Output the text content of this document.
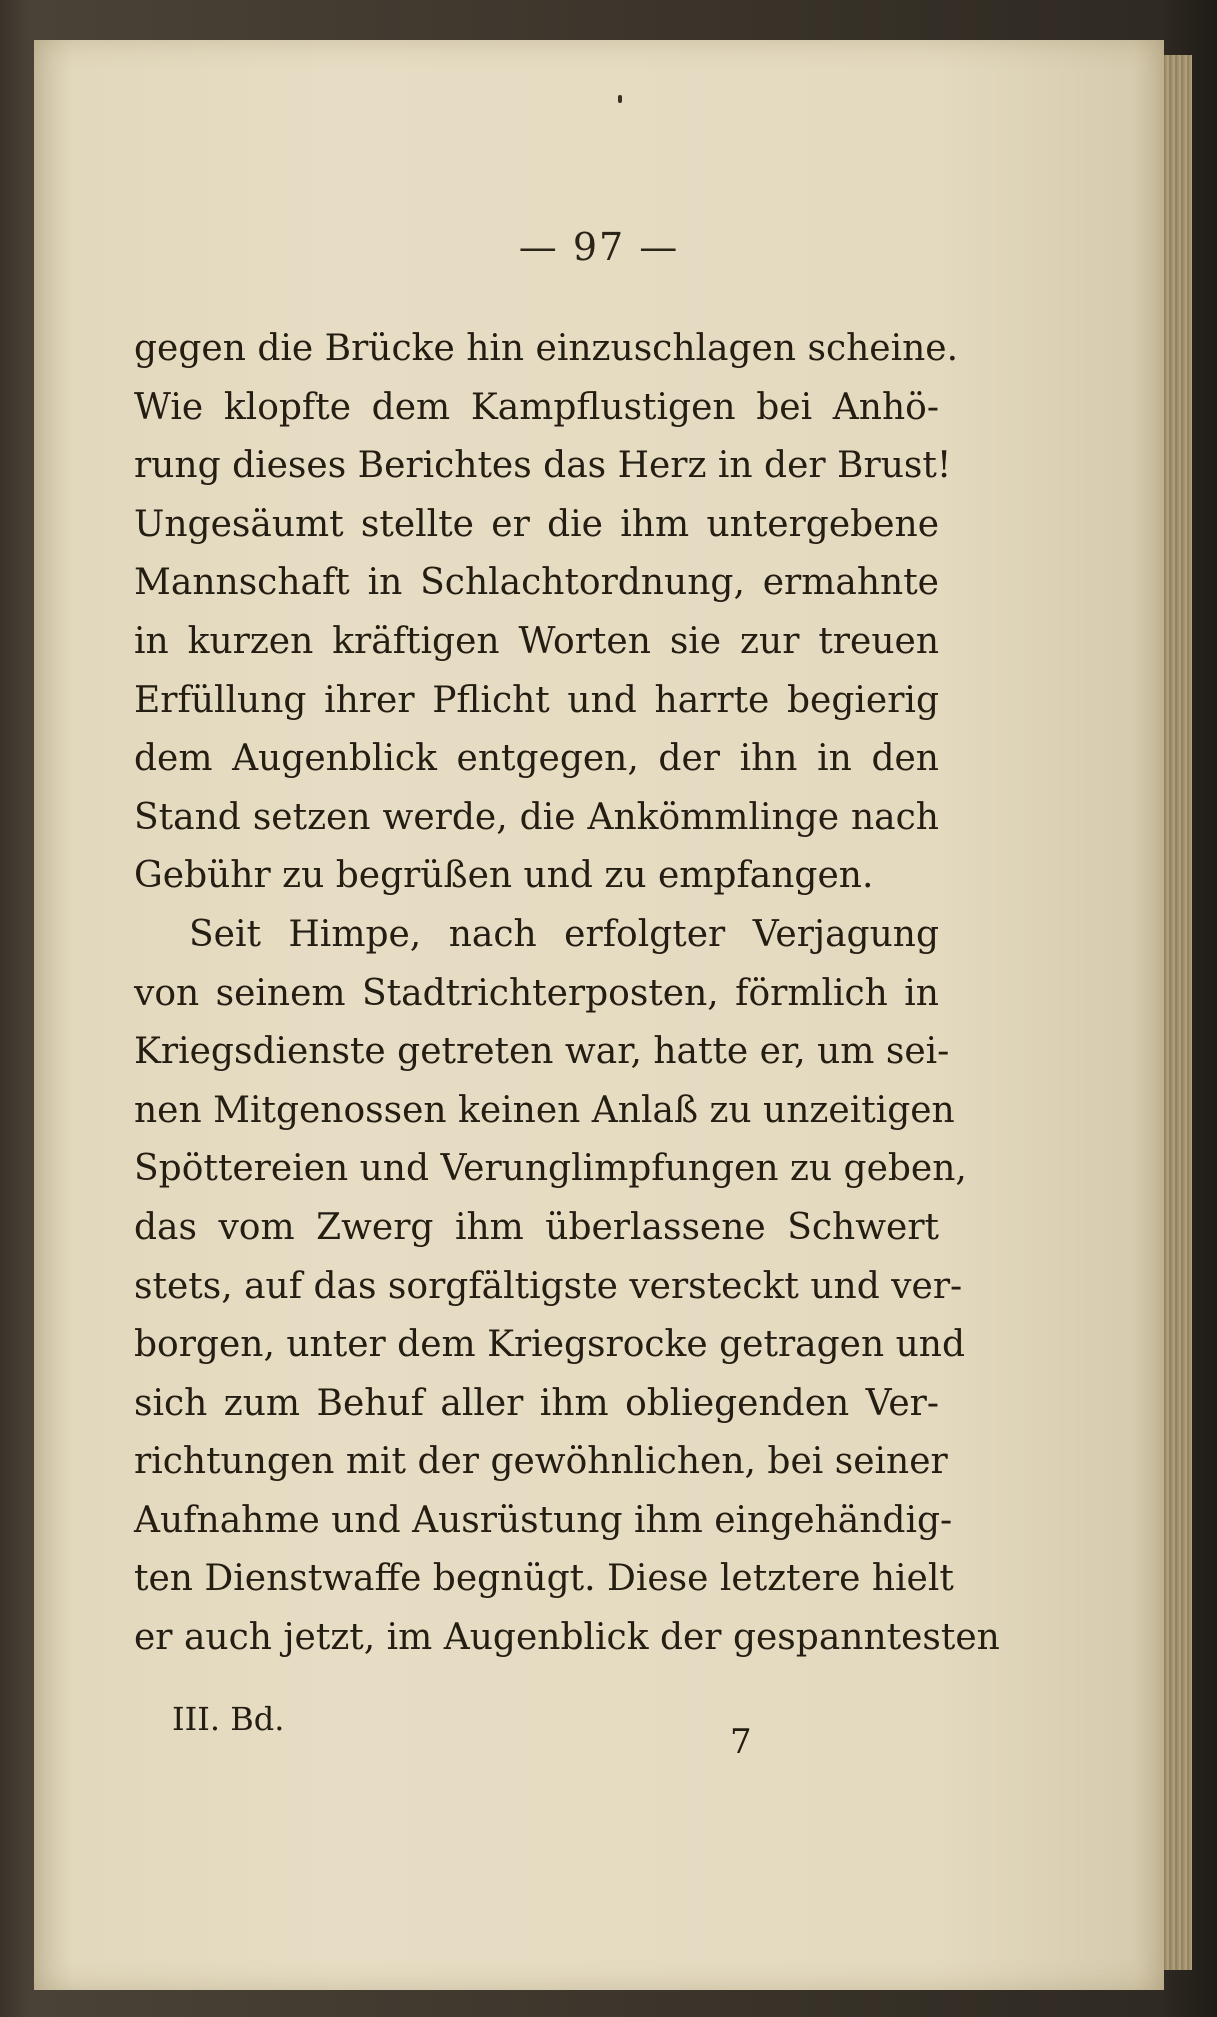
— 97 —
gegen die Brücke hin einzuschlagen scheine.
Wie klopfte dem Kampflustigen bei Anhö-
rung dieses Berichtes das Herz in der Brust!
Ungesäumt stellte er die ihm untergebene
Mannschaft in Schlachtordnung, ermahnte
in kurzen kräftigen Worten sie zur treuen
Erfüllung ihrer Pflicht und harrte begierig
dem Augenblick entgegen, der ihn in den
Stand setzen werde, die Ankömmlinge nach
Gebühr zu begrüßen und zu empfangen.
Seit Himpe, nach erfolgter Verjagung
von seinem Stadtrichterposten, förmlich in
Kriegsdienste getreten war, hatte er, um sei-
nen Mitgenossen keinen Anlaß zu unzeitigen
Spöttereien und Verunglimpfungen zu geben,
das vom Zwerg ihm überlassene Schwert
stets, auf das sorgfältigste versteckt und ver-
borgen, unter dem Kriegsrocke getragen und
sich zum Behuf aller ihm obliegenden Ver-
richtungen mit der gewöhnlichen, bei seiner
Aufnahme und Ausrüstung ihm eingehändig-
ten Dienstwaffe begnügt. Diese letztere hielt
er auch jetzt, im Augenblick der gespanntesten
III. Bd.
7
